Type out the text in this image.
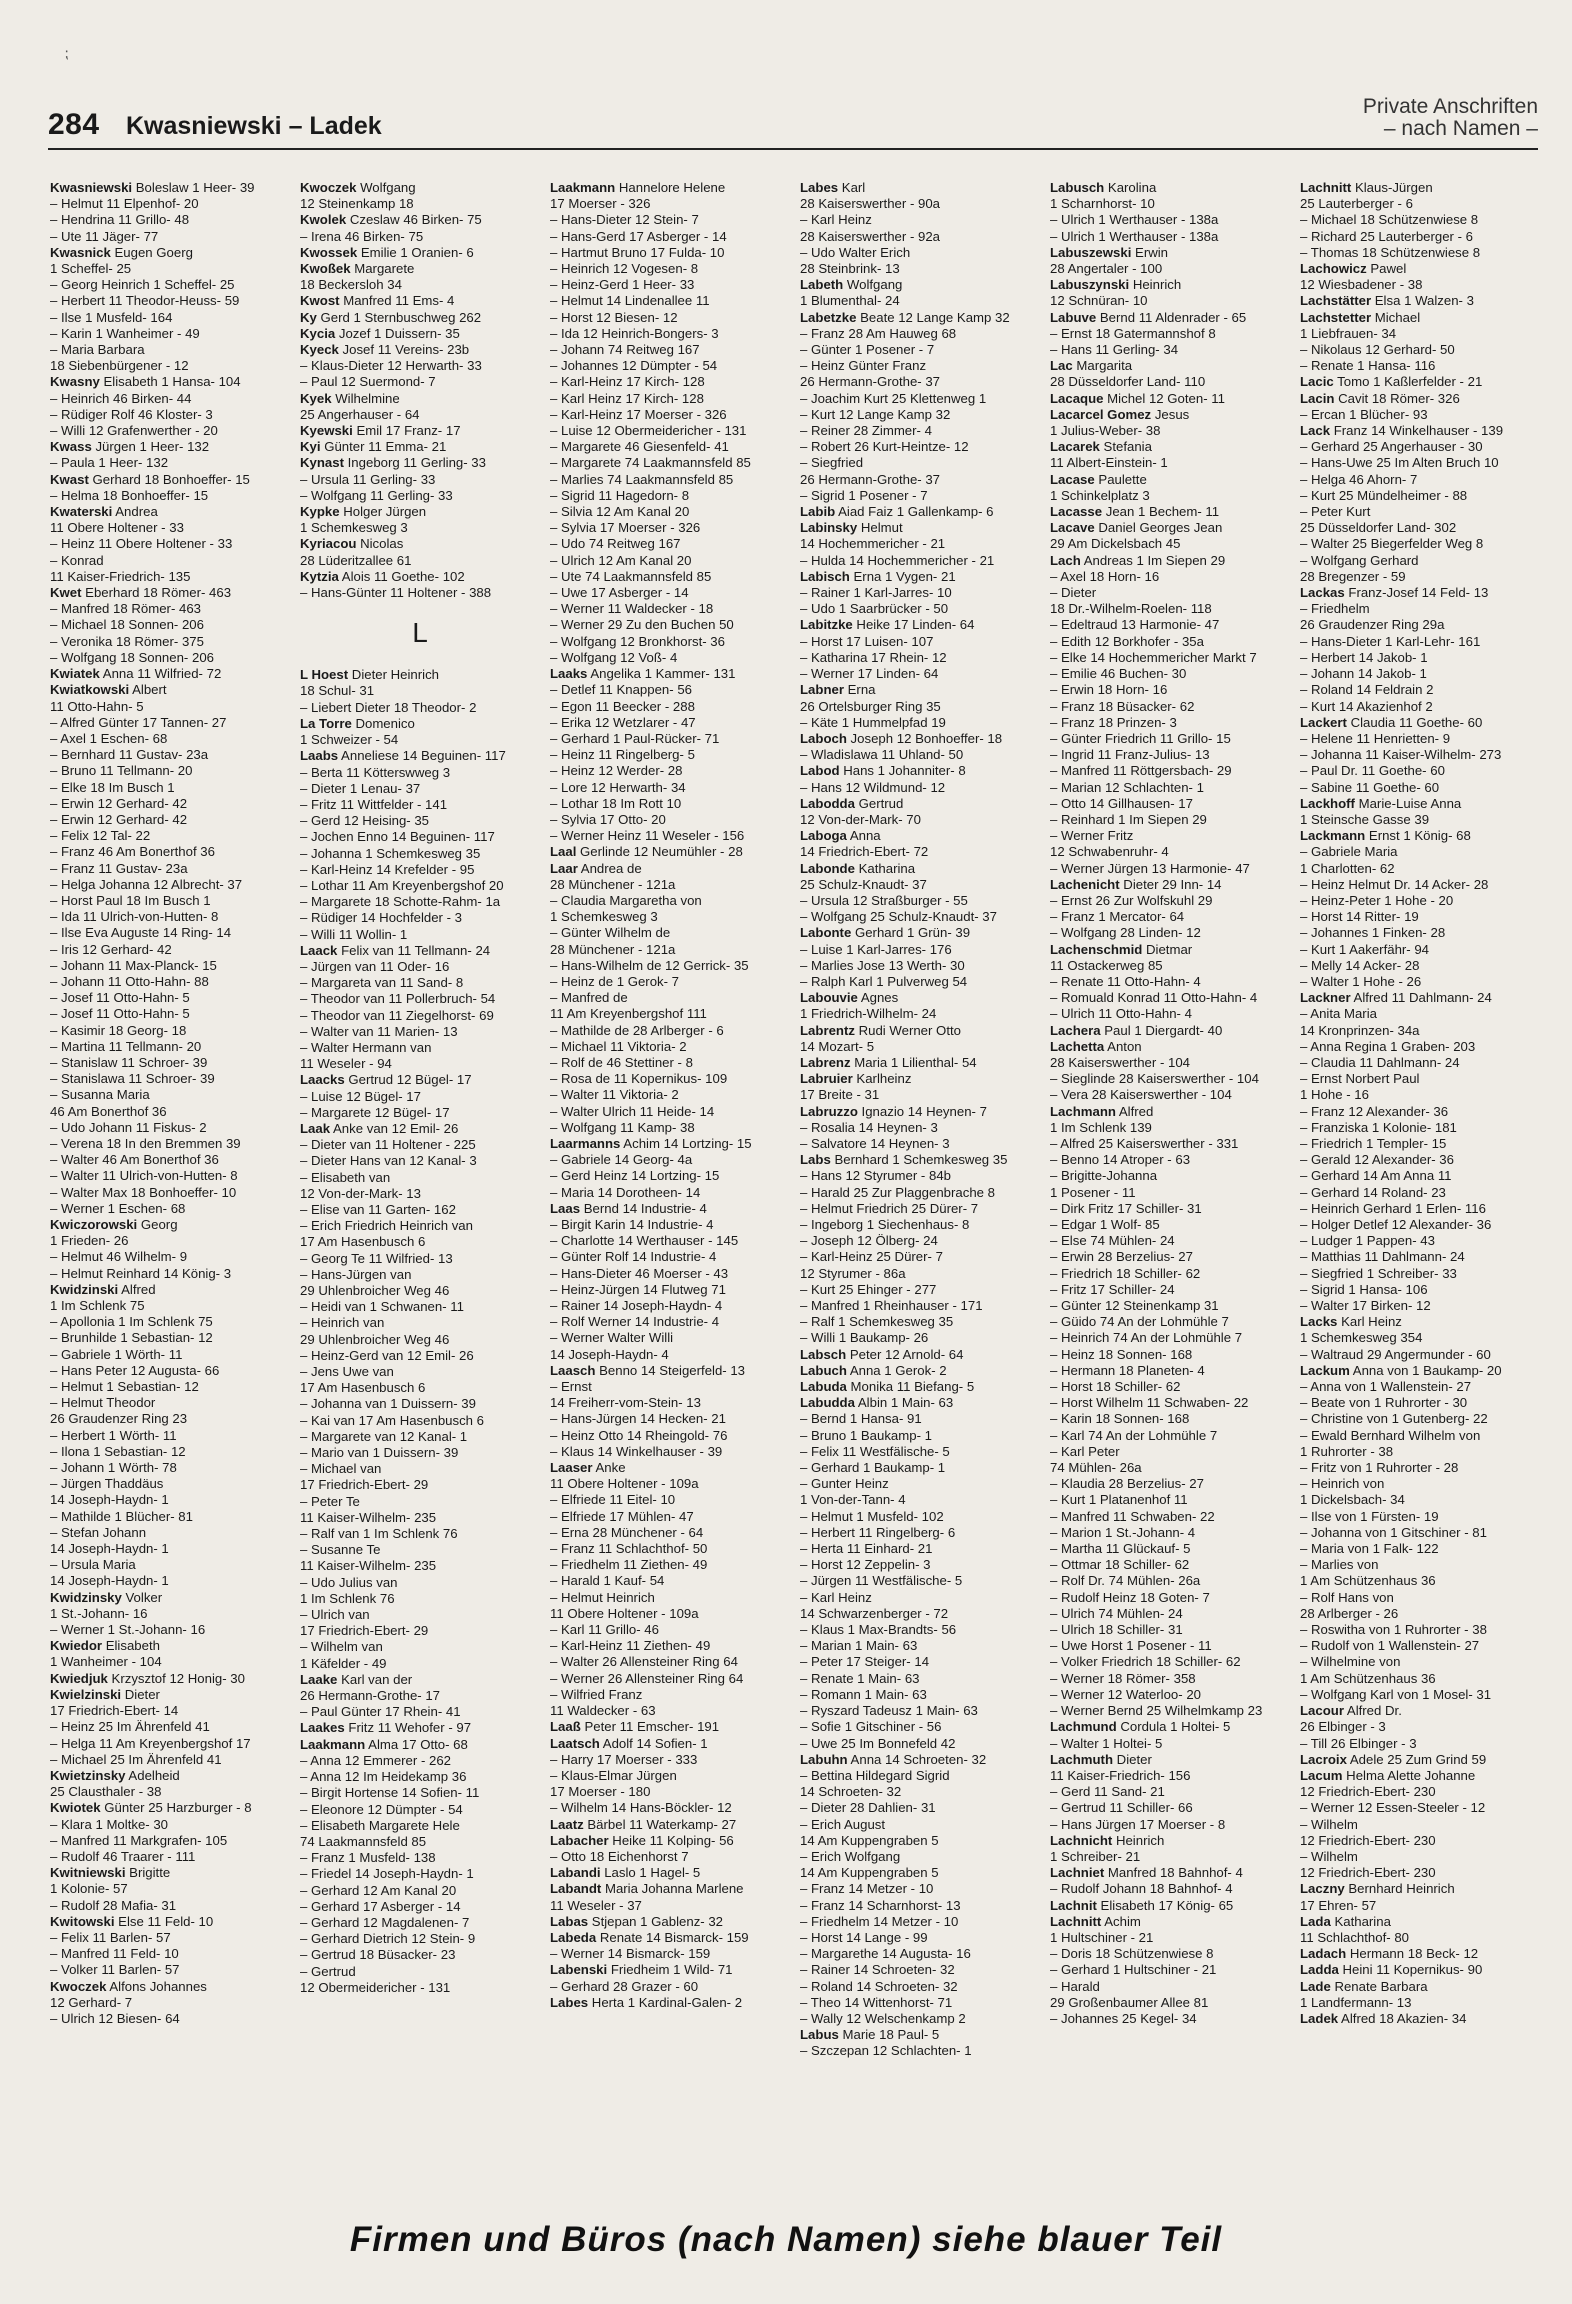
⁏
284 Kwasniewski – Ladek
Private Anschriften
– nach Namen –
Kwasniewski Boleslaw 1 Heer- 39
– Helmut 11 Elpenhof- 20
– Hendrina 11 Grillo- 48
– Ute 11 Jäger- 77
Kwasnick Eugen Goerg
1 Scheffel- 25
– Georg Heinrich 1 Scheffel- 25
– Herbert 11 Theodor-Heuss- 59
– Ilse 1 Musfeld- 164
– Karin 1 Wanheimer - 49
– Maria Barbara
18 Siebenbürgener - 12
Kwasny Elisabeth 1 Hansa- 104
– Heinrich 46 Birken- 44
– Rüdiger Rolf 46 Kloster- 3
– Willi 12 Grafenwerther - 20
Kwass Jürgen 1 Heer- 132
– Paula 1 Heer- 132
Kwast Gerhard 18 Bonhoeffer- 15
– Helma 18 Bonhoeffer- 15
Kwaterski Andrea
11 Obere Holtener - 33
– Heinz 11 Obere Holtener - 33
– Konrad
11 Kaiser-Friedrich- 135
Kwet Eberhard 18 Römer- 463
– Manfred 18 Römer- 463
– Michael 18 Sonnen- 206
– Veronika 18 Römer- 375
– Wolfgang 18 Sonnen- 206
Kwiatek Anna 11 Wilfried- 72
Kwiatkowski Albert
11 Otto-Hahn- 5
– Alfred Günter 17 Tannen- 27
– Axel 1 Eschen- 68
– Bernhard 11 Gustav- 23a
– Bruno 11 Tellmann- 20
– Elke 18 Im Busch 1
– Erwin 12 Gerhard- 42
– Erwin 12 Gerhard- 42
– Felix 12 Tal- 22
– Franz 46 Am Bonerthof 36
– Franz 11 Gustav- 23a
– Helga Johanna 12 Albrecht- 37
– Horst Paul 18 Im Busch 1
– Ida 11 Ulrich-von-Hutten- 8
– Ilse Eva Auguste 14 Ring- 14
– Iris 12 Gerhard- 42
– Johann 11 Max-Planck- 15
– Johann 11 Otto-Hahn- 88
– Josef 11 Otto-Hahn- 5
– Josef 11 Otto-Hahn- 5
– Kasimir 18 Georg- 18
– Martina 11 Tellmann- 20
– Stanislaw 11 Schroer- 39
– Stanislawa 11 Schroer- 39
– Susanna Maria
46 Am Bonerthof 36
– Udo Johann 11 Fiskus- 2
– Verena 18 In den Bremmen 39
– Walter 46 Am Bonerthof 36
– Walter 11 Ulrich-von-Hutten- 8
– Walter Max 18 Bonhoeffer- 10
– Werner 1 Eschen- 68
Kwiczorowski Georg
1 Frieden- 26
– Helmut 46 Wilhelm- 9
– Helmut Reinhard 14 König- 3
Kwidzinski Alfred
1 Im Schlenk 75
– Apollonia 1 Im Schlenk 75
– Brunhilde 1 Sebastian- 12
– Gabriele 1 Wörth- 11
– Hans Peter 12 Augusta- 66
– Helmut 1 Sebastian- 12
– Helmut Theodor
26 Graudenzer Ring 23
– Herbert 1 Wörth- 11
– Ilona 1 Sebastian- 12
– Johann 1 Wörth- 78
– Jürgen Thaddäus
14 Joseph-Haydn- 1
– Mathilde 1 Blücher- 81
– Stefan Johann
14 Joseph-Haydn- 1
– Ursula Maria
14 Joseph-Haydn- 1
Kwidzinsky Volker
1 St.-Johann- 16
– Werner 1 St.-Johann- 16
Kwiedor Elisabeth
1 Wanheimer - 104
Kwiedjuk Krzysztof 12 Honig- 30
Kwielzinski Dieter
17 Friedrich-Ebert- 14
– Heinz 25 Im Ährenfeld 41
– Helga 11 Am Kreyenbergshof 17
– Michael 25 Im Ährenfeld 41
Kwietzinsky Adelheid
25 Clausthaler - 38
Kwiotek Günter 25 Harzburger - 8
– Klara 1 Moltke- 30
– Manfred 11 Markgrafen- 105
– Rudolf 46 Traarer - 111
Kwitniewski Brigitte
1 Kolonie- 57
– Rudolf 28 Mafia- 31
Kwitowski Else 11 Feld- 10
– Felix 11 Barlen- 57
– Manfred 11 Feld- 10
– Volker 11 Barlen- 57
Kwoczek Alfons Johannes
12 Gerhard- 7
– Ulrich 12 Biesen- 64
Kwoczek Wolfgang
12 Steinenkamp 18
Kwolek Czeslaw 46 Birken- 75
– Irena 46 Birken- 75
Kwossek Emilie 1 Oranien- 6
Kwoßek Margarete
18 Beckersloh 34
Kwost Manfred 11 Ems- 4
Ky Gerd 1 Sternbuschweg 262
Kycia Jozef 1 Duissern- 35
Kyeck Josef 11 Vereins- 23b
– Klaus-Dieter 12 Herwarth- 33
– Paul 12 Suermond- 7
Kyek Wilhelmine
25 Angerhauser - 64
Kyewski Emil 17 Franz- 17
Kyi Günter 11 Emma- 21
Kynast Ingeborg 11 Gerling- 33
– Ursula 11 Gerling- 33
– Wolfgang 11 Gerling- 33
Kypke Holger Jürgen
1 Schemkesweg 3
Kyriacou Nicolas
28 Lüderitzallee 61
Kytzia Alois 11 Goethe- 102
– Hans-Günter 11 Holtener - 388
L
L Hoest Dieter Heinrich
18 Schul- 31
– Liebert Dieter 18 Theodor- 2
La Torre Domenico
1 Schweizer - 54
Laabs Anneliese 14 Beguinen- 117
– Berta 11 Kötterswweg 3
– Dieter 1 Lenau- 37
– Fritz 11 Wittfelder - 141
– Gerd 12 Heising- 35
– Jochen Enno 14 Beguinen- 117
– Johanna 1 Schemkesweg 35
– Karl-Heinz 14 Krefelder - 95
– Lothar 11 Am Kreyenbergshof 20
– Margarete 18 Schotte-Rahm- 1a
– Rüdiger 14 Hochfelder - 3
– Willi 11 Wollin- 1
Laack Felix van 11 Tellmann- 24
– Jürgen van 11 Oder- 16
– Margareta van 11 Sand- 8
– Theodor van 11 Pollerbruch- 54
– Theodor van 11 Ziegelhorst- 69
– Walter van 11 Marien- 13
– Walter Hermann van
11 Weseler - 94
Laacks Gertrud 12 Bügel- 17
– Luise 12 Bügel- 17
– Margarete 12 Bügel- 17
Laak Anke van 12 Emil- 26
– Dieter van 11 Holtener - 225
– Dieter Hans van 12 Kanal- 3
– Elisabeth van
12 Von-der-Mark- 13
– Elise van 11 Garten- 162
– Erich Friedrich Heinrich van
17 Am Hasenbusch 6
– Georg Te 11 Wilfried- 13
– Hans-Jürgen van
29 Uhlenbroicher Weg 46
– Heidi van 1 Schwanen- 11
– Heinrich van
29 Uhlenbroicher Weg 46
– Heinz-Gerd van 12 Emil- 26
– Jens Uwe van
17 Am Hasenbusch 6
– Johanna van 1 Duissern- 39
– Kai van 17 Am Hasenbusch 6
– Margarete van 12 Kanal- 1
– Mario van 1 Duissern- 39
– Michael van
17 Friedrich-Ebert- 29
– Peter Te
11 Kaiser-Wilhelm- 235
– Ralf van 1 Im Schlenk 76
– Susanne Te
11 Kaiser-Wilhelm- 235
– Udo Julius van
1 Im Schlenk 76
– Ulrich van
17 Friedrich-Ebert- 29
– Wilhelm van
1 Käfelder - 49
Laake Karl van der
26 Hermann-Grothe- 17
– Paul Günter 17 Rhein- 41
Laakes Fritz 11 Wehofer - 97
Laakmann Alma 17 Otto- 68
– Anna 12 Emmerer - 262
– Anna 12 Im Heidekamp 36
– Birgit Hortense 14 Sofien- 11
– Eleonore 12 Dümpter - 54
– Elisabeth Margarete Hele
74 Laakmannsfeld 85
– Franz 1 Musfeld- 138
– Friedel 14 Joseph-Haydn- 1
– Gerhard 12 Am Kanal 20
– Gerhard 17 Asberger - 14
– Gerhard 12 Magdalenen- 7
– Gerhard Dietrich 12 Stein- 9
– Gertrud 18 Büsacker- 23
– Gertrud
12 Obermeidericher - 131
Laakmann Hannelore Helene
17 Moerser - 326
– Hans-Dieter 12 Stein- 7
– Hans-Gerd 17 Asberger - 14
– Hartmut Bruno 17 Fulda- 10
– Heinrich 12 Vogesen- 8
– Heinz-Gerd 1 Heer- 33
– Helmut 14 Lindenallee 11
– Horst 12 Biesen- 12
– Ida 12 Heinrich-Bongers- 3
– Johann 74 Reitweg 167
– Johannes 12 Dümpter - 54
– Karl-Heinz 17 Kirch- 128
– Karl Heinz 17 Kirch- 128
– Karl-Heinz 17 Moerser - 326
– Luise 12 Obermeidericher - 131
– Margarete 46 Giesenfeld- 41
– Margarete 74 Laakmannsfeld 85
– Marlies 74 Laakmannsfeld 85
– Sigrid 11 Hagedorn- 8
– Silvia 12 Am Kanal 20
– Sylvia 17 Moerser - 326
– Udo 74 Reitweg 167
– Ulrich 12 Am Kanal 20
– Ute 74 Laakmannsfeld 85
– Uwe 17 Asberger - 14
– Werner 11 Waldecker - 18
– Werner 29 Zu den Buchen 50
– Wolfgang 12 Bronkhorst- 36
– Wolfgang 12 Voß- 4
Laaks Angelika 1 Kammer- 131
– Detlef 11 Knappen- 56
– Egon 11 Beecker - 288
– Erika 12 Wetzlarer - 47
– Gerhard 1 Paul-Rücker- 71
– Heinz 11 Ringelberg- 5
– Heinz 12 Werder- 28
– Lore 12 Herwarth- 34
– Lothar 18 Im Rott 10
– Sylvia 17 Otto- 20
– Werner Heinz 11 Weseler - 156
Laal Gerlinde 12 Neumühler - 28
Laar Andrea de
28 Münchener - 121a
– Claudia Margaretha von
1 Schemkesweg 3
– Günter Wilhelm de
28 Münchener - 121a
– Hans-Wilhelm de 12 Gerrick- 35
– Heinz de 1 Gerok- 7
– Manfred de
11 Am Kreyenbergshof 111
– Mathilde de 28 Arlberger - 6
– Michael 11 Viktoria- 2
– Rolf de 46 Stettiner - 8
– Rosa de 11 Kopernikus- 109
– Walter 11 Viktoria- 2
– Walter Ulrich 11 Heide- 14
– Wolfgang 11 Kamp- 38
Laarmanns Achim 14 Lortzing- 15
– Gabriele 14 Georg- 4a
– Gerd Heinz 14 Lortzing- 15
– Maria 14 Dorotheen- 14
Laas Bernd 14 Industrie- 4
– Birgit Karin 14 Industrie- 4
– Charlotte 14 Werthauser - 145
– Günter Rolf 14 Industrie- 4
– Hans-Dieter 46 Moerser - 43
– Heinz-Jürgen 14 Flutweg 71
– Rainer 14 Joseph-Haydn- 4
– Rolf Werner 14 Industrie- 4
– Werner Walter Willi
14 Joseph-Haydn- 4
Laasch Benno 14 Steigerfeld- 13
– Ernst
14 Freiherr-vom-Stein- 13
– Hans-Jürgen 14 Hecken- 21
– Heinz Otto 14 Rheingold- 76
– Klaus 14 Winkelhauser - 39
Laaser Anke
11 Obere Holtener - 109a
– Elfriede 11 Eitel- 10
– Elfriede 17 Mühlen- 47
– Erna 28 Münchener - 64
– Franz 11 Schlachthof- 50
– Friedhelm 11 Ziethen- 49
– Harald 1 Kauf- 54
– Helmut Heinrich
11 Obere Holtener - 109a
– Karl 11 Grillo- 46
– Karl-Heinz 11 Ziethen- 49
– Walter 26 Allensteiner Ring 64
– Werner 26 Allensteiner Ring 64
– Wilfried Franz
11 Waldecker - 63
Laaß Peter 11 Emscher- 191
Laatsch Adolf 14 Sofien- 1
– Harry 17 Moerser - 333
– Klaus-Elmar Jürgen
17 Moerser - 180
– Wilhelm 14 Hans-Böckler- 12
Laatz Bärbel 11 Waterkamp- 27
Labacher Heike 11 Kolping- 56
– Otto 18 Eichenhorst 7
Labandi Laslo 1 Hagel- 5
Labandt Maria Johanna Marlene
11 Weseler - 37
Labas Stjepan 1 Gablenz- 32
Labeda Renate 14 Bismarck- 159
– Werner 14 Bismarck- 159
Labenski Friedheim 1 Wild- 71
– Gerhard 28 Grazer - 60
Labes Herta 1 Kardinal-Galen- 2
Labes Karl
28 Kaiserswerther - 90a
– Karl Heinz
28 Kaiserswerther - 92a
– Udo Walter Erich
28 Steinbrink- 13
Labeth Wolfgang
1 Blumenthal- 24
Labetzke Beate 12 Lange Kamp 32
– Franz 28 Am Hauweg 68
– Günter 1 Posener - 7
– Heinz Günter Franz
26 Hermann-Grothe- 37
– Joachim Kurt 25 Klettenweg 1
– Kurt 12 Lange Kamp 32
– Reiner 28 Zimmer- 4
– Robert 26 Kurt-Heintze- 12
– Siegfried
26 Hermann-Grothe- 37
– Sigrid 1 Posener - 7
Labib Aiad Faiz 1 Gallenkamp- 6
Labinsky Helmut
14 Hochemmericher - 21
– Hulda 14 Hochemmericher - 21
Labisch Erna 1 Vygen- 21
– Rainer 1 Karl-Jarres- 10
– Udo 1 Saarbrücker - 50
Labitzke Heike 17 Linden- 64
– Horst 17 Luisen- 107
– Katharina 17 Rhein- 12
– Werner 17 Linden- 64
Labner Erna
26 Ortelsburger Ring 35
– Käte 1 Hummelpfad 19
Laboch Joseph 12 Bonhoeffer- 18
– Wladislawa 11 Uhland- 50
Labod Hans 1 Johanniter- 8
– Hans 12 Wildmund- 12
Labodda Gertrud
12 Von-der-Mark- 70
Laboga Anna
14 Friedrich-Ebert- 72
Labonde Katharina
25 Schulz-Knaudt- 37
– Ursula 12 Straßburger - 55
– Wolfgang 25 Schulz-Knaudt- 37
Labonte Gerhard 1 Grün- 39
– Luise 1 Karl-Jarres- 176
– Marlies Jose 13 Werth- 30
– Ralph Karl 1 Pulverweg 54
Labouvie Agnes
1 Friedrich-Wilhelm- 24
Labrentz Rudi Werner Otto
14 Mozart- 5
Labrenz Maria 1 Lilienthal- 54
Labruier Karlheinz
17 Breite - 31
Labruzzo Ignazio 14 Heynen- 7
– Rosalia 14 Heynen- 3
– Salvatore 14 Heynen- 3
Labs Bernhard 1 Schemkesweg 35
– Hans 12 Styrumer - 84b
– Harald 25 Zur Plaggenbrache 8
– Helmut Friedrich 25 Dürer- 7
– Ingeborg 1 Siechenhaus- 8
– Joseph 12 Ölberg- 24
– Karl-Heinz 25 Dürer- 7
12 Styrumer - 86a
– Kurt 25 Ehinger - 277
– Manfred 1 Rheinhauser - 171
– Ralf 1 Schemkesweg 35
– Willi 1 Baukamp- 26
Labsch Peter 12 Arnold- 64
Labuch Anna 1 Gerok- 2
Labuda Monika 11 Biefang- 5
Labudda Albin 1 Main- 63
– Bernd 1 Hansa- 91
– Bruno 1 Baukamp- 1
– Felix 11 Westfälische- 5
– Gerhard 1 Baukamp- 1
– Gunter Heinz
1 Von-der-Tann- 4
– Helmut 1 Musfeld- 102
– Herbert 11 Ringelberg- 6
– Herta 11 Einhard- 21
– Horst 12 Zeppelin- 3
– Jürgen 11 Westfälische- 5
– Karl Heinz
14 Schwarzenberger - 72
– Klaus 1 Max-Brandts- 56
– Marian 1 Main- 63
– Peter 17 Steiger- 14
– Renate 1 Main- 63
– Romann 1 Main- 63
– Ryszard Tadeusz 1 Main- 63
– Sofie 1 Gitschiner - 56
– Uwe 25 Im Bonnefeld 42
Labuhn Anna 14 Schroeten- 32
– Bettina Hildegard Sigrid
14 Schroeten- 32
– Dieter 28 Dahlien- 31
– Erich August
14 Am Kuppengraben 5
– Erich Wolfgang
14 Am Kuppengraben 5
– Franz 14 Metzer - 10
– Franz 14 Scharnhorst- 13
– Friedhelm 14 Metzer - 10
– Horst 14 Lange - 99
– Margarethe 14 Augusta- 16
– Rainer 14 Schroeten- 32
– Roland 14 Schroeten- 32
– Theo 14 Wittenhorst- 71
– Wally 12 Welschenkamp 2
Labus Marie 18 Paul- 5
– Szczepan 12 Schlachten- 1
Labusch Karolina
1 Scharnhorst- 10
– Ulrich 1 Werthauser - 138a
– Ulrich 1 Werthauser - 138a
Labuszewski Erwin
28 Angertaler - 100
Labuszynski Heinrich
12 Schnüran- 10
Labuve Bernd 11 Aldenrader - 65
– Ernst 18 Gatermannshof 8
– Hans 11 Gerling- 34
Lac Margarita
28 Düsseldorfer Land- 110
Lacaque Michel 12 Goten- 11
Lacarcel Gomez Jesus
1 Julius-Weber- 38
Lacarek Stefania
11 Albert-Einstein- 1
Lacase Paulette
1 Schinkelplatz 3
Lacasse Jean 1 Bechem- 11
Lacave Daniel Georges Jean
29 Am Dickelsbach 45
Lach Andreas 1 Im Siepen 29
– Axel 18 Horn- 16
– Dieter
18 Dr.-Wilhelm-Roelen- 118
– Edeltraud 13 Harmonie- 47
– Edith 12 Borkhofer - 35a
– Elke 14 Hochemmericher Markt 7
– Emilie 46 Buchen- 30
– Erwin 18 Horn- 16
– Franz 18 Büsacker- 62
– Franz 18 Prinzen- 3
– Günter Friedrich 11 Grillo- 15
– Ingrid 11 Franz-Julius- 13
– Manfred 11 Röttgersbach- 29
– Marian 12 Schlachten- 1
– Otto 14 Gillhausen- 17
– Reinhard 1 Im Siepen 29
– Werner Fritz
12 Schwabenruhr- 4
– Werner Jürgen 13 Harmonie- 47
Lachenicht Dieter 29 Inn- 14
– Ernst 26 Zur Wolfskuhl 29
– Franz 1 Mercator- 64
– Wolfgang 28 Linden- 12
Lachenschmid Dietmar
11 Ostackerweg 85
– Renate 11 Otto-Hahn- 4
– Romuald Konrad 11 Otto-Hahn- 4
– Ulrich 11 Otto-Hahn- 4
Lachera Paul 1 Diergardt- 40
Lachetta Anton
28 Kaiserswerther - 104
– Sieglinde 28 Kaiserswerther - 104
– Vera 28 Kaiserswerther - 104
Lachmann Alfred
1 Im Schlenk 139
– Alfred 25 Kaiserswerther - 331
– Benno 14 Atroper - 63
– Brigitte-Johanna
1 Posener - 11
– Dirk Fritz 17 Schiller- 31
– Edgar 1 Wolf- 85
– Else 74 Mühlen- 24
– Erwin 28 Berzelius- 27
– Friedrich 18 Schiller- 62
– Fritz 17 Schiller- 24
– Günter 12 Steinenkamp 31
– Güido 74 An der Lohmühle 7
– Heinrich 74 An der Lohmühle 7
– Heinz 18 Sonnen- 168
– Hermann 18 Planeten- 4
– Horst 18 Schiller- 62
– Horst Wilhelm 11 Schwaben- 22
– Karin 18 Sonnen- 168
– Karl 74 An der Lohmühle 7
– Karl Peter
74 Mühlen- 26a
– Klaudia 28 Berzelius- 27
– Kurt 1 Platanenhof 11
– Manfred 11 Schwaben- 22
– Marion 1 St.-Johann- 4
– Martha 11 Glückauf- 5
– Ottmar 18 Schiller- 62
– Rolf Dr. 74 Mühlen- 26a
– Rudolf Heinz 18 Goten- 7
– Ulrich 74 Mühlen- 24
– Ulrich 18 Schiller- 31
– Uwe Horst 1 Posener - 11
– Volker Friedrich 18 Schiller- 62
– Werner 18 Römer- 358
– Werner 12 Waterloo- 20
– Werner Bernd 25 Wilhelmkamp 23
Lachmund Cordula 1 Holtei- 5
– Walter 1 Holtei- 5
Lachmuth Dieter
11 Kaiser-Friedrich- 156
– Gerd 11 Sand- 21
– Gertrud 11 Schiller- 66
– Hans Jürgen 17 Moerser - 8
Lachnicht Heinrich
1 Schreiber- 21
Lachniet Manfred 18 Bahnhof- 4
– Rudolf Johann 18 Bahnhof- 4
Lachnit Elisabeth 17 König- 65
Lachnitt Achim
1 Hultschiner - 21
– Doris 18 Schützenwiese 8
– Gerhard 1 Hultschiner - 21
– Harald
29 Großenbaumer Allee 81
– Johannes 25 Kegel- 34
Lachnitt Klaus-Jürgen
25 Lauterberger - 6
– Michael 18 Schützenwiese 8
– Richard 25 Lauterberger - 6
– Thomas 18 Schützenwiese 8
Lachowicz Pawel
12 Wiesbadener - 38
Lachstätter Elsa 1 Walzen- 3
Lachstetter Michael
1 Liebfrauen- 34
– Nikolaus 12 Gerhard- 50
– Renate 1 Hansa- 116
Lacic Tomo 1 Kaßlerfelder - 21
Lacin Cavit 18 Römer- 326
– Ercan 1 Blücher- 93
Lack Franz 14 Winkelhauser - 139
– Gerhard 25 Angerhauser - 30
– Hans-Uwe 25 Im Alten Bruch 10
– Helga 46 Ahorn- 7
– Kurt 25 Mündelheimer - 88
– Peter Kurt
25 Düsseldorfer Land- 302
– Walter 25 Biegerfelder Weg 8
– Wolfgang Gerhard
28 Bregenzer - 59
Lackas Franz-Josef 14 Feld- 13
– Friedhelm
26 Graudenzer Ring 29a
– Hans-Dieter 1 Karl-Lehr- 161
– Herbert 14 Jakob- 1
– Johann 14 Jakob- 1
– Roland 14 Feldrain 2
– Kurt 14 Akazienhof 2
Lackert Claudia 11 Goethe- 60
– Helene 11 Henrietten- 9
– Johanna 11 Kaiser-Wilhelm- 273
– Paul Dr. 11 Goethe- 60
– Sabine 11 Goethe- 60
Lackhoff Marie-Luise Anna
1 Steinsche Gasse 39
Lackmann Ernst 1 König- 68
– Gabriele Maria
1 Charlotten- 62
– Heinz Helmut Dr. 14 Acker- 28
– Heinz-Peter 1 Hohe - 20
– Horst 14 Ritter- 19
– Johannes 1 Finken- 28
– Kurt 1 Aakerfähr- 94
– Melly 14 Acker- 28
– Walter 1 Hohe - 26
Lackner Alfred 11 Dahlmann- 24
– Anita Maria
14 Kronprinzen- 34a
– Anna Regina 1 Graben- 203
– Claudia 11 Dahlmann- 24
– Ernst Norbert Paul
1 Hohe - 16
– Franz 12 Alexander- 36
– Franziska 1 Kolonie- 181
– Friedrich 1 Templer- 15
– Gerald 12 Alexander- 36
– Gerhard 14 Am Anna 11
– Gerhard 14 Roland- 23
– Heinrich Gerhard 1 Erlen- 116
– Holger Detlef 12 Alexander- 36
– Ludger 1 Pappen- 43
– Matthias 11 Dahlmann- 24
– Siegfried 1 Schreiber- 33
– Sigrid 1 Hansa- 106
– Walter 17 Birken- 12
Lacks Karl Heinz
1 Schemkesweg 354
– Waltraud 29 Angermunder - 60
Lackum Anna von 1 Baukamp- 20
– Anna von 1 Wallenstein- 27
– Beate von 1 Ruhrorter - 30
– Christine von 1 Gutenberg- 22
– Ewald Bernhard Wilhelm von
1 Ruhrorter - 38
– Fritz von 1 Ruhrorter - 28
– Heinrich von
1 Dickelsbach- 34
– Ilse von 1 Fürsten- 19
– Johanna von 1 Gitschiner - 81
– Maria von 1 Falk- 122
– Marlies von
1 Am Schützenhaus 36
– Rolf Hans von
28 Arlberger - 26
– Roswitha von 1 Ruhrorter - 38
– Rudolf von 1 Wallenstein- 27
– Wilhelmine von
1 Am Schützenhaus 36
– Wolfgang Karl von 1 Mosel- 31
Lacour Alfred Dr.
26 Elbinger - 3
– Till 26 Elbinger - 3
Lacroix Adele 25 Zum Grind 59
Lacum Helma Alette Johanne
12 Friedrich-Ebert- 230
– Werner 12 Essen-Steeler - 12
– Wilhelm
12 Friedrich-Ebert- 230
– Wilhelm
12 Friedrich-Ebert- 230
Laczny Bernhard Heinrich
17 Ehren- 57
Lada Katharina
11 Schlachthof- 80
Ladach Hermann 18 Beck- 12
Ladda Heini 11 Kopernikus- 90
Lade Renate Barbara
1 Landfermann- 13
Ladek Alfred 18 Akazien- 34
Firmen und Büros (nach Namen) siehe blauer Teil
